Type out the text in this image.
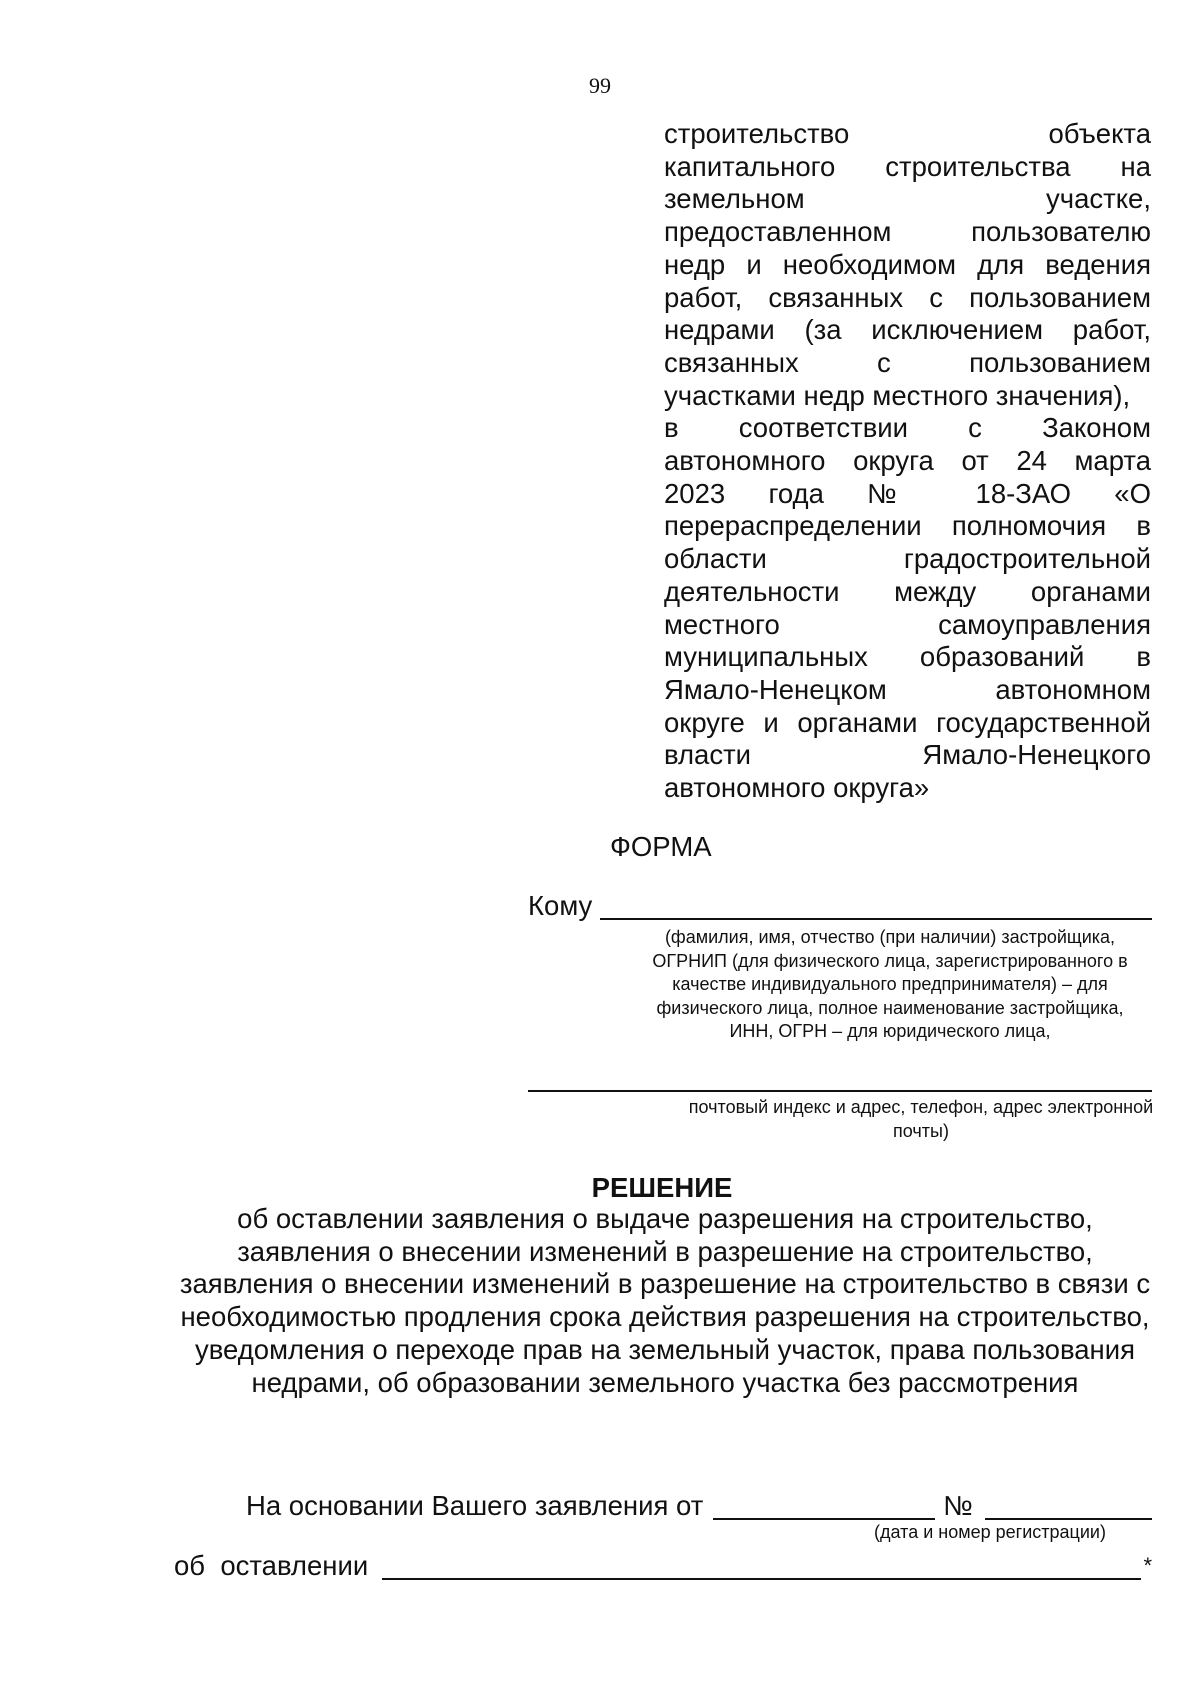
99
строительство объекта
капитального строительства на
земельном участке,
предоставленном пользователю
недр и необходимом для ведения
работ, связанных с пользованием
недрами (за исключением работ,
связанных с пользованием
участками недр местного значения),
в соответствии с Законом
автономного округа от 24 марта
2023 года № 18-ЗАО «О
перераспределении полномочия в
области градостроительной
деятельности между органами
местного самоуправления
муниципальных образований в
Ямало-Ненецком автономном
округе и органами государственной
власти Ямало-Ненецкого
автономного округа»
ФОРМА
Кому
(фамилия, имя, отчество (при наличии) застройщика, ОГРНИП (для физического лица, зарегистрированного в качестве индивидуального предпринимателя) – для физического лица, полное наименование застройщика, ИНН, ОГРН – для юридического лица,
почтовый индекс и адрес, телефон, адрес электронной почты)
РЕШЕНИЕ
об оставлении заявления о выдаче разрешения на строительство, заявления о внесении изменений в разрешение на строительство, заявления о внесении изменений в разрешение на строительство в связи с необходимостью продления срока действия разрешения на строительство, уведомления о переходе прав на земельный участок, права пользования недрами, об образовании земельного участка без рассмотрения
На основании Вашего заявления от	№
(дата и номер регистрации)
об  оставлении	*
